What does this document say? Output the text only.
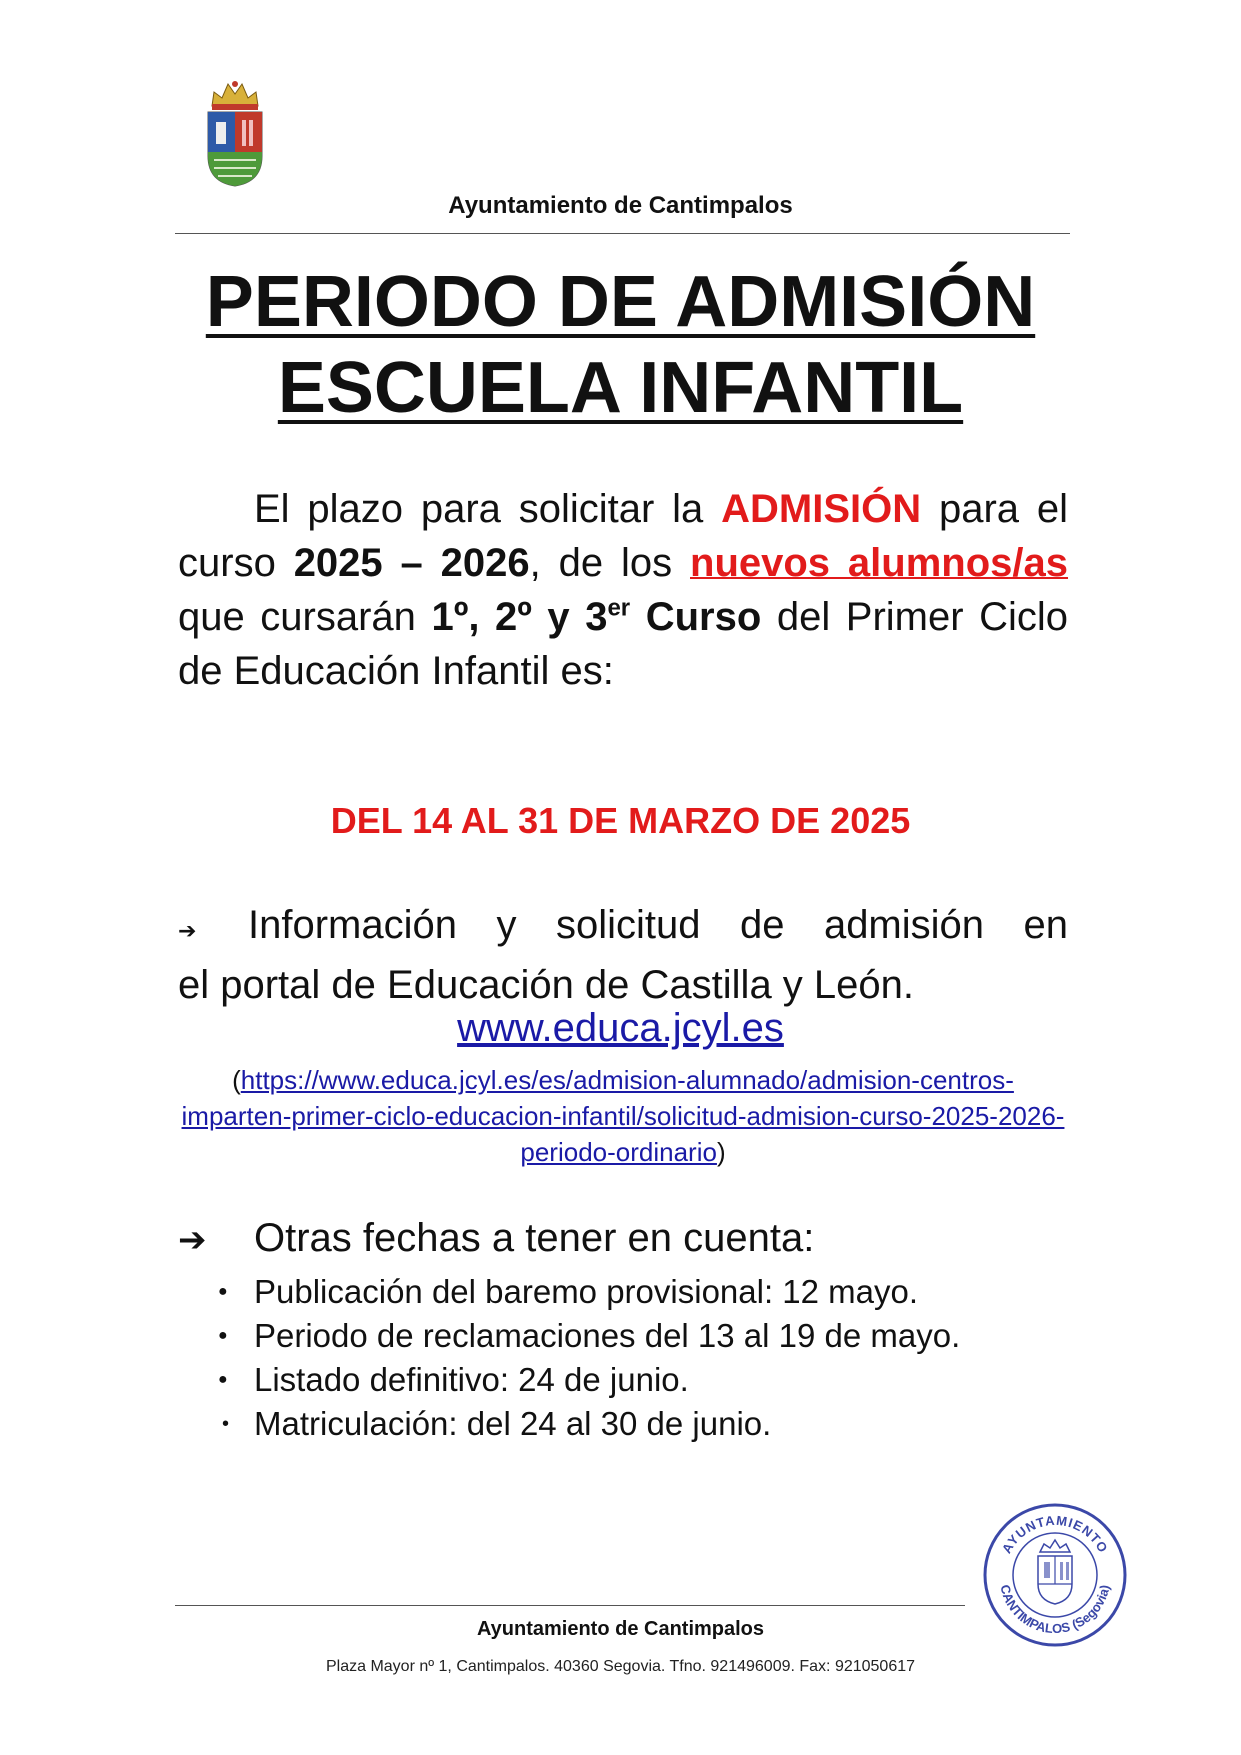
Ayuntamiento de Cantimpalos
PERIODO DE ADMISIÓN
ESCUELA INFANTIL

El plazo para solicitar la ADMISIÓN para el curso 2025 – 2026, de los nuevos alumnos/as que cursarán 1º, 2º y 3er Curso del Primer Ciclo de Educación Infantil es:

DEL 14 AL 31 DE MARZO DE 2025
➔	Información y solicitud de admisión en
el portal de Educación de Castilla y León.
www.educa.jcyl.es
(https://www.educa.jcyl.es/es/admision-alumnado/admision-centros-imparten-primer-ciclo-educacion-infantil/solicitud-admision-curso-2025-2026-periodo-ordinario)
➔ Otras fechas a tener en cuenta:
● Publicación del baremo provisional: 12 mayo.
● Periodo de reclamaciones del 13 al 19 de mayo.
● Listado definitivo: 24 de junio.
• Matriculación: del 24 al 30 de junio.
AYUNTAMIENTO
CANTIMPALOS (Segovia)
Ayuntamiento de Cantimpalos
Plaza Mayor nº 1, Cantimpalos. 40360 Segovia. Tfno. 921496009. Fax: 921050617
